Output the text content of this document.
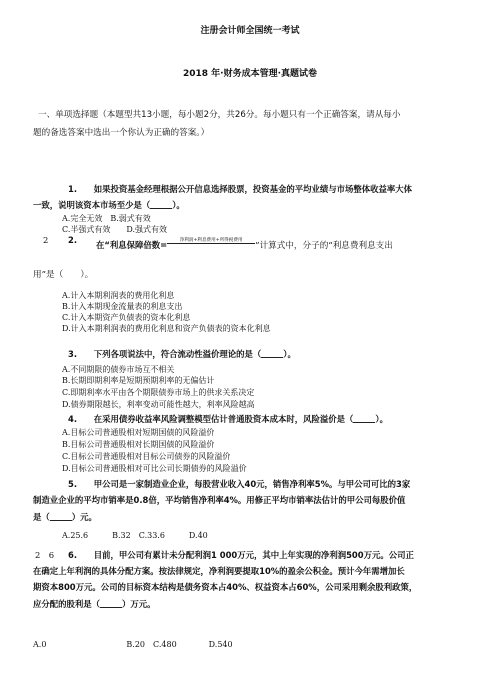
注册会计师全国统一考试
2018 年·财务成本管理·真题试卷
一、单项选择题（本题型共13小题，每小题2分，共26分。每小题只有一个正确答案，请从每小
题的备选答案中选出一个你认为正确的答案。）
1.　　如果投资基金经理根据公开信息选择股票，投资基金的平均业绩与市场整体收益率大体
一致，说明该资本市场至少是（	）。
A.完全无效　B.弱式有效
C.半强式有效　　D.强式有效
2 2. 在“利息保障倍数=	净利润+利息费用+所得税费用
”计算式中，分子的“利息费利息支出
用”是（　　）。
A.计入本期利润表的费用化利息
B.计入本期现金流量表的利息支出
C.计入本期资产负债表的资本化利息
D.计入本期利润表的费用化利息和资产负债表的资本化利息
3.　　下列各项说法中，符合流动性溢价理论的是（	）。
A.不同期限的债券市场互不相关
B.长期即期利率是短期预期利率的无偏估计
C.即期利率水平由各个期限债券市场上的供求关系决定
D.债券期限越长，利率变动可能性越大，利率风险越高
4.　　在采用债券收益率风险调整模型估计普通股资本成本时，风险溢价是（	）。
A.目标公司普通股相对短期国债的风险溢价
B.目标公司普通股相对长期国债的风险溢价
C.目标公司普通股相对目标公司债券的风险溢价
D.目标公司普通股相对可比公司长期债券的风险溢价
5.　　甲公司是一家制造业企业，每股营业收入40元，销售净利率5%。与甲公司可比的3家
制造业企业的平均市销率是0.8倍，平均销售净利率4%。用修正平均市销率法估计的甲公司每股价值
是（	）元。
A.25.6　　　B.32　C.33.6　　　D.40
2　6 6.　　目前，甲公司有累计未分配利润1 000万元，其中上年实现的净利润500万元。公司正
在确定上年利润的具体分配方案。按法律规定，净利润要提取10%的盈余公积金。预计今年需增加长
期资本800万元。公司的目标资本结构是债务资本占40%、权益资本占60%，公司采用剩余股利政策，
应分配的股利是（	）万元。
A.0　　　　　　　　　　B.20　C.480　　　　D.540
